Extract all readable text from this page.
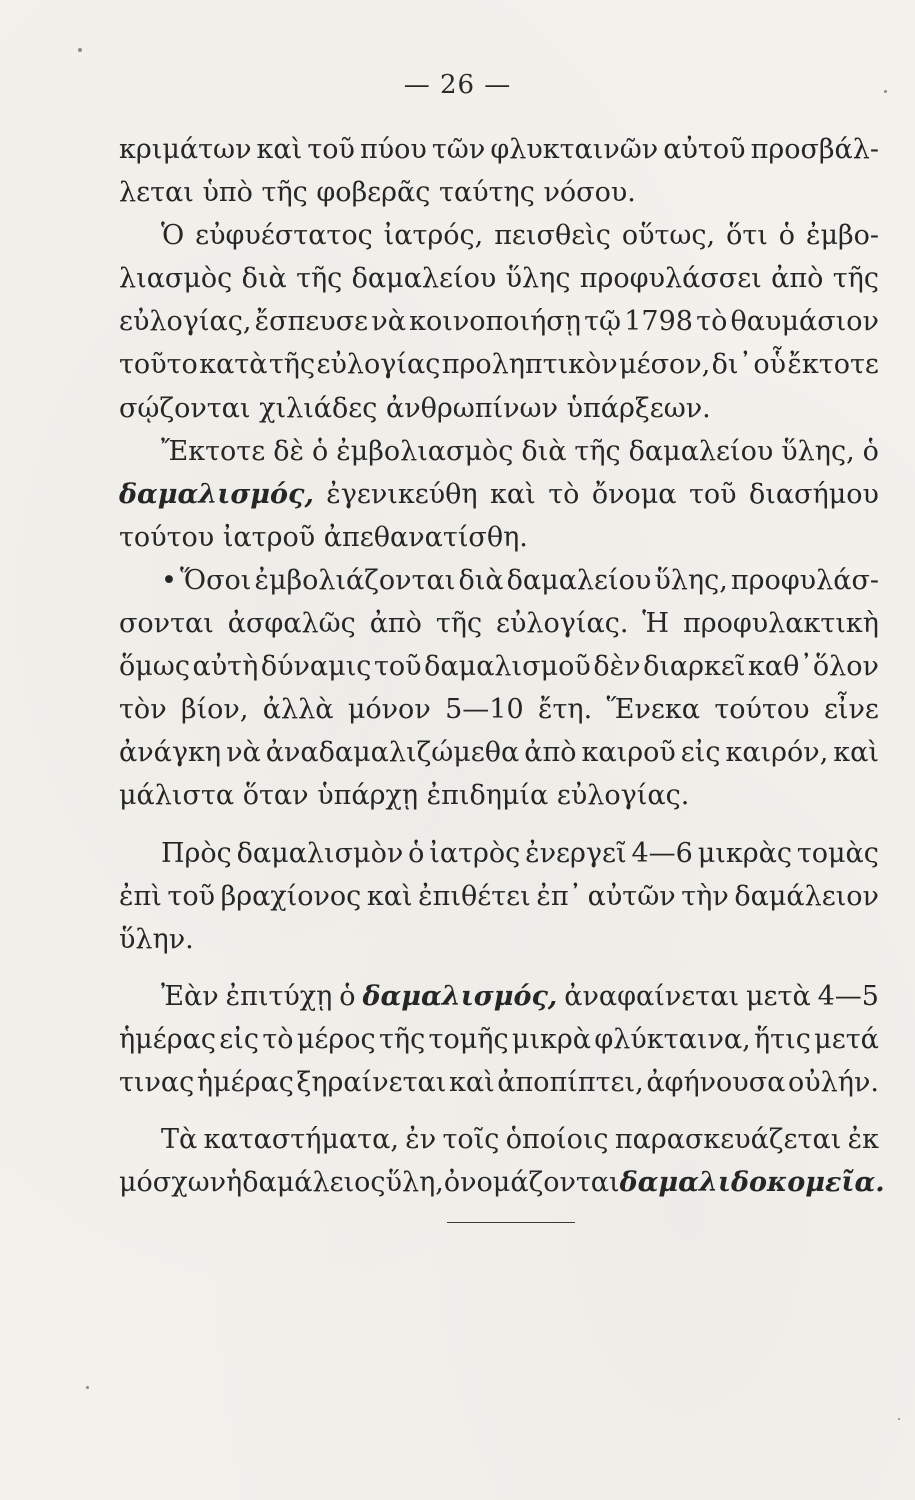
— 26 —
κριμάτων καὶ τοῦ πύου τῶν φλυκταινῶν αὐτοῦ προσβάλ-
λεται ὑπὸ τῆς φοβερᾶς ταύτης νόσου.
Ὁ εὐφυέστατος ἰατρός, πεισθεὶς οὕτως, ὅτι ὁ ἐμβο-
λιασμὸς διὰ τῆς δαμαλείου ὕλης προφυλάσσει ἀπὸ τῆς
εὐλογίας, ἔσπευσε νὰ κοινοποιήσῃ τῷ 1798 τὸ θαυμάσιον
τοῦτο κατὰ τῆς εὐλογίας προληπτικὸν μέσον, δι᾿ οὗ ἔκτοτε
σῴζονται χιλιάδες ἀνθρωπίνων ὑπάρξεων.
Ἔκτοτε δὲ ὁ ἐμβολιασμὸς διὰ τῆς δαμαλείου ὕλης, ὁ
δαμαλισμός, ἐγενικεύθη καὶ τὸ ὄνομα τοῦ διασήμου
τούτου ἰατροῦ ἀπεθανατίσθη.
• Ὅσοι ἐμβολιάζονται διὰ δαμαλείου ὕλης, προφυλάσ-
σονται ἀσφαλῶς ἀπὸ τῆς εὐλογίας. Ἡ προφυλακτικὴ
ὅμως αὐτὴ δύναμις τοῦ δαμαλισμοῦ δὲν διαρκεῖ καθ᾿ὅλον
τὸν βίον, ἀλλὰ μόνον 5—10 ἔτη. Ἕνεκα τούτου εἶνε
ἀνάγκη νὰ ἀναδαμαλιζώμεθα ἀπὸ καιροῦ εἰς καιρόν, καὶ
μάλιστα ὅταν ὑπάρχῃ ἐπιδημία εὐλογίας.
Πρὸς δαμαλισμὸν ὁ ἰατρὸς ἐνεργεῖ 4—6 μικρὰς τομὰς
ἐπὶ τοῦ βραχίονος καὶ ἐπιθέτει ἐπ᾿ αὐτῶν τὴν δαμάλειον
ὕλην.
Ἐὰν ἐπιτύχῃ ὁ δαμαλισμός, ἀναφαίνεται μετὰ 4—5
ἡμέρας εἰς τὸ μέρος τῆς τομῆς μικρὰ φλύκταινα, ἥτις μετά
τινας ἡμέρας ξηραίνεται καὶ ἀποπίπτει, ἀφήνουσα οὐλήν.
Τὰ καταστήματα, ἐν τοῖς ὁποίοις παρασκευάζεται ἐκ
μόσχων ἡ δαμάλειος ὕλη, ὀνομάζονται δαμαλιδοκομεῖα.
